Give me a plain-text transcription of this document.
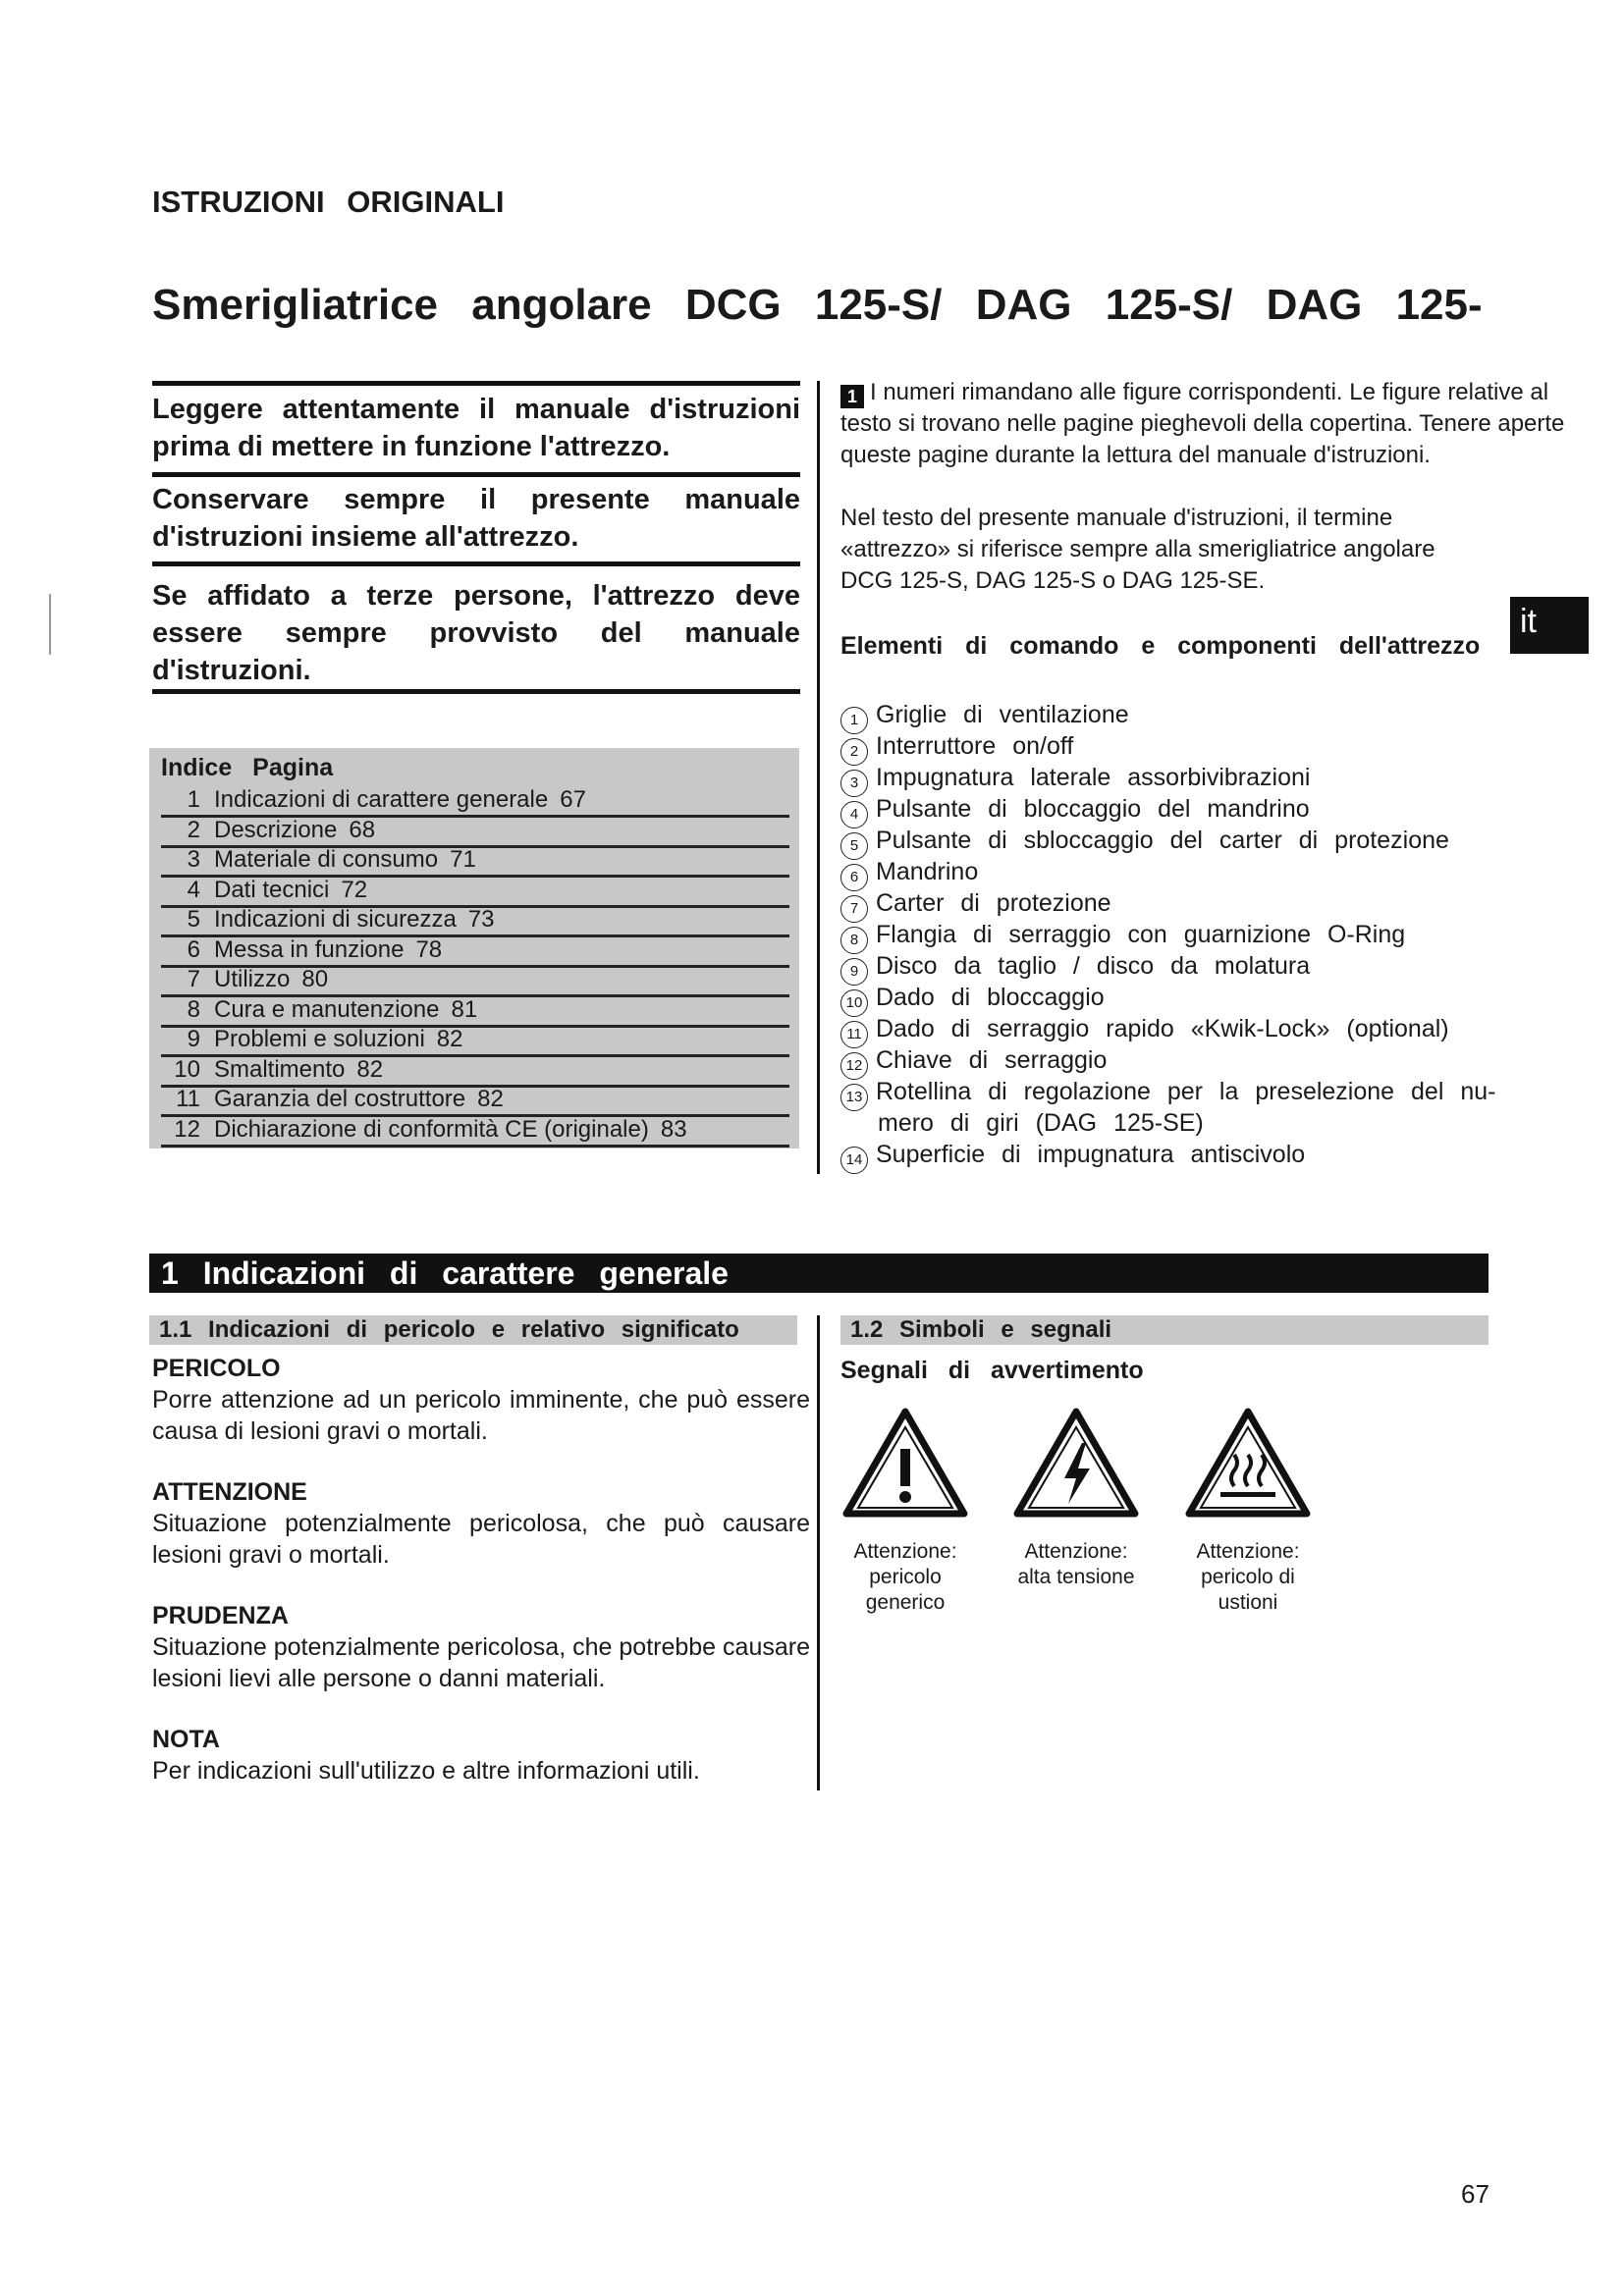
ISTRUZIONI ORIGINALI
Smerigliatrice angolare DCG 125-S/ DAG 125-S/ DAG 125-
Leggere attentamente il manuale d'istruzioni prima di mettere in funzione l'attrezzo.
Conservare sempre il presente manuale d'istruzioni insieme all'attrezzo.
Se affidato a terze persone, l'attrezzo deve essere sempre provvisto del manuale d'istruzioni.
Indice Pagina
1 Indicazioni di carattere generale 67
2 Descrizione 68
3 Materiale di consumo 71
4 Dati tecnici 72
5 Indicazioni di sicurezza 73
6 Messa in funzione 78
7 Utilizzo 80
8 Cura e manutenzione 81
9 Problemi e soluzioni 82
10 Smaltimento 82
11 Garanzia del costruttore 82
12 Dichiarazione di conformità CE (originale) 83
1 I numeri rimandano alle figure corrispondenti. Le figure relative al testo si trovano nelle pagine pieghevoli della copertina. Tenere aperte queste pagine durante la lettura del manuale d'istruzioni.
Nel testo del presente manuale d'istruzioni, il termine «attrezzo» si riferisce sempre alla smerigliatrice angolare DCG 125-S, DAG 125-S o DAG 125-SE.
it
Elementi di comando e componenti dell'attrezzo
1 Griglie di ventilazione
2 Interruttore on/off
3 Impugnatura laterale assorbivibrazioni
4 Pulsante di bloccaggio del mandrino
5 Pulsante di sbloccaggio del carter di protezione
6 Mandrino
7 Carter di protezione
8 Flangia di serraggio con guarnizione O-Ring
9 Disco da taglio / disco da molatura
10 Dado di bloccaggio
11 Dado di serraggio rapido «Kwik-Lock» (optional)
12 Chiave di serraggio
13 Rotellina di regolazione per la preselezione del nu-
mero di giri (DAG 125-SE)
14 Superficie di impugnatura antiscivolo
1 Indicazioni di carattere generale
1.1 Indicazioni di pericolo e relativo significato	1.2 Simboli e segnali
PERICOLO
Porre attenzione ad un pericolo imminente, che può essere causa di lesioni gravi o mortali.
ATTENZIONE
Situazione potenzialmente pericolosa, che può causare lesioni gravi o mortali.
PRUDENZA
Situazione potenzialmente pericolosa, che potrebbe causare lesioni lievi alle persone o danni materiali.
NOTA
Per indicazioni sull'utilizzo e altre informazioni utili.
Segnali di avvertimento
Attenzione:
pericolo
generico
Attenzione:
alta tensione
Attenzione:
pericolo di
ustioni
67
